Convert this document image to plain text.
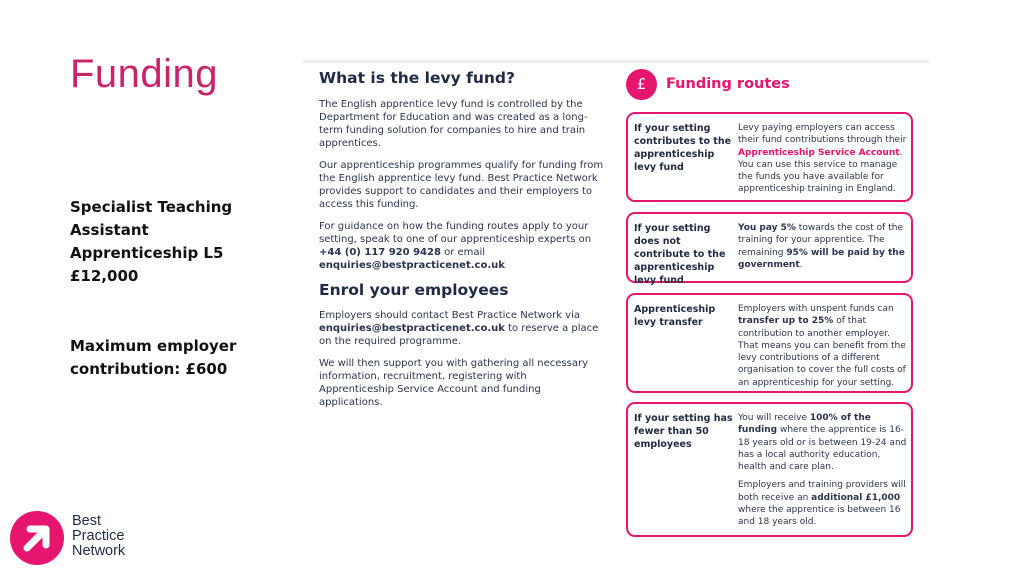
Funding
Specialist Teaching
Assistant
Apprenticeship L5
£12,000
Maximum employer
contribution: £600
Best
Practice
Network
What is the levy fund?

The English apprentice levy fund is controlled by the Department for Education and was created as a long-term funding solution for companies to hire and train apprentices.

Our apprenticeship programmes qualify for funding from the English apprentice levy fund. Best Practice Network provides support to candidates and their employers to access this funding.

For guidance on how the funding routes apply to your setting, speak to one of our apprenticeship experts on +44 (0) 117 920 9428 or email enquiries@bestpracticenet.co.uk

Enrol your employees

Employers should contact Best Practice Network via enquiries@bestpracticenet.co.uk to reserve a place on the required programme.

We will then support you with gathering all necessary information, recruitment, registering with Apprenticeship Service Account and funding applications.

£	Funding routes
If your setting contributes to the apprenticeship levy fund
Levy paying employers can access their fund contributions through their Apprenticeship Service Account. You can use this service to manage the funds you have available for apprenticeship training in England.
If your setting does not contribute to the apprenticeship levy fund
You pay 5% towards the cost of the training for your apprentice. The remaining 95% will be paid by the government.
Apprenticeship levy transfer
Employers with unspent funds can transfer up to 25% of that contribution to another employer. That means you can benefit from the levy contributions of a different organisation to cover the full costs of an apprenticeship for your setting.
If your setting has fewer than 50 employees
You will receive 100% of the funding where the apprentice is 16-18 years old or is between 19-24 and has a local authority education, health and care plan.
Employers and training providers will both receive an additional £1,000 where the apprentice is between 16 and 18 years old.
